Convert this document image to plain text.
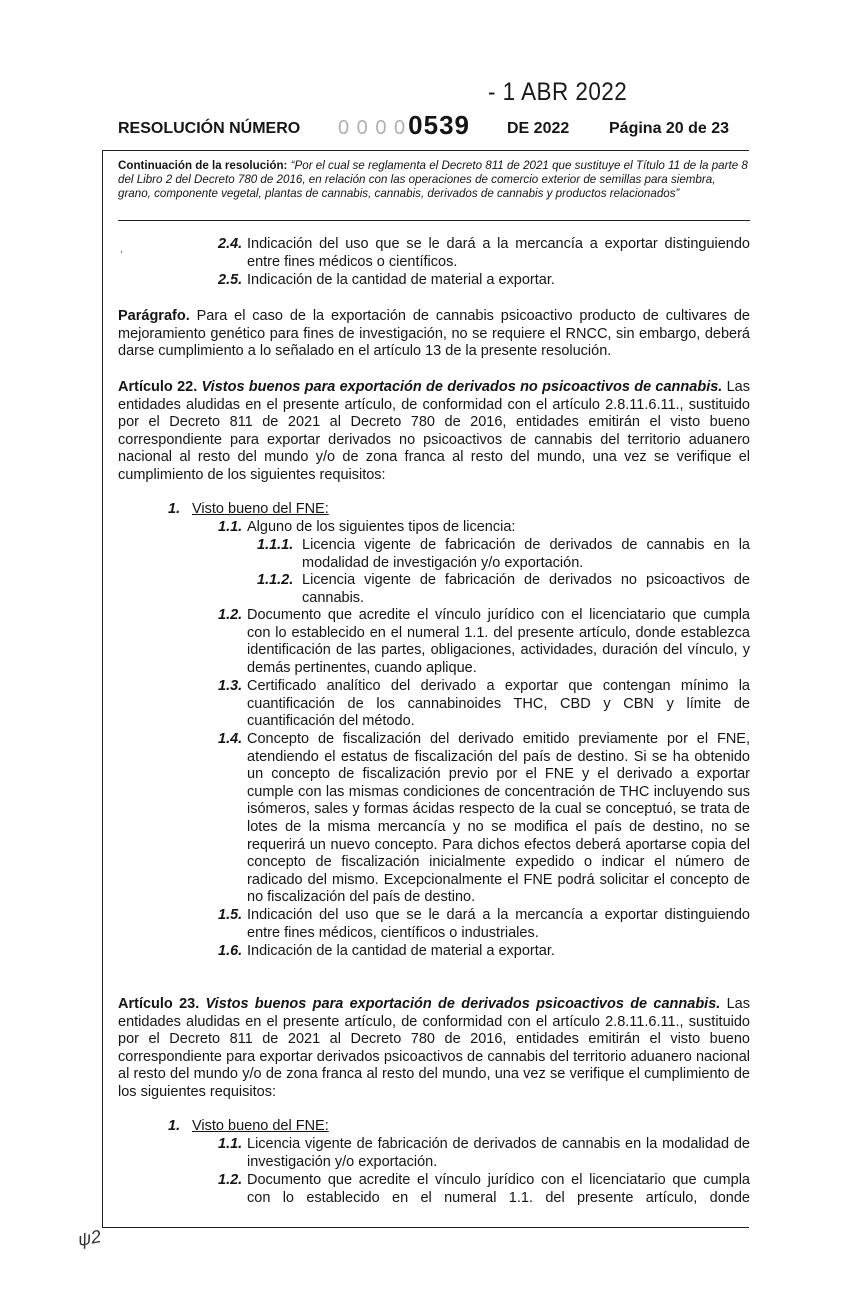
- 1 ABR 2022
RESOLUCIÓN NÚMERO 0 0 0 00539 DE 2022 Página 20 de 23
Continuación de la resolución: “Por el cual se reglamenta el Decreto 811 de 2021 que sustituye el Título 11 de la parte 8 del Libro 2 del Decreto 780 de 2016, en relación con las operaciones de comercio exterior de semillas para siembra, grano, componente vegetal, plantas de cannabis, cannabis, derivados de cannabis y productos relacionados”
,	2.4. Indicación del uso que se le dará a la mercancía a exportar distinguiendo entre fines médicos o científicos.
2.5. Indicación de la cantidad de material a exportar.
Parágrafo. Para el caso de la exportación de cannabis psicoactivo producto de cultivares de mejoramiento genético para fines de investigación, no se requiere el RNCC, sin embargo, deberá darse cumplimiento a lo señalado en el artículo 13 de la presente resolución.
Artículo 22. Vistos buenos para exportación de derivados no psicoactivos de cannabis. Las entidades aludidas en el presente artículo, de conformidad con el artículo 2.8.11.6.11., sustituido por el Decreto 811 de 2021 al Decreto 780 de 2016, entidades emitirán el visto bueno correspondiente para exportar derivados no psicoactivos de cannabis del territorio aduanero nacional al resto del mundo y/o de zona franca al resto del mundo, una vez se verifique el cumplimiento de los siguientes requisitos:
1. Visto bueno del FNE:
1.1. Alguno de los siguientes tipos de licencia:
1.1.1. Licencia vigente de fabricación de derivados de cannabis en la modalidad de investigación y/o exportación.
1.1.2. Licencia vigente de fabricación de derivados no psicoactivos de cannabis.
1.2. Documento que acredite el vínculo jurídico con el licenciatario que cumpla con lo establecido en el numeral 1.1. del presente artículo, donde establezca identificación de las partes, obligaciones, actividades, duración del vínculo, y demás pertinentes, cuando aplique.
1.3. Certificado analítico del derivado a exportar que contengan mínimo la cuantificación de los cannabinoides THC, CBD y CBN y límite de cuantificación del método.
1.4. Concepto de fiscalización del derivado emitido previamente por el FNE, atendiendo el estatus de fiscalización del país de destino. Si se ha obtenido un concepto de fiscalización previo por el FNE y el derivado a exportar cumple con las mismas condiciones de concentración de THC incluyendo sus isómeros, sales y formas ácidas respecto de la cual se conceptuó, se trata de lotes de la misma mercancía y no se modifica el país de destino, no se requerirá un nuevo concepto. Para dichos efectos deberá aportarse copia del concepto de fiscalización inicialmente expedido o indicar el número de radicado del mismo. Excepcionalmente el FNE podrá solicitar el concepto de no fiscalización del país de destino.
1.5. Indicación del uso que se le dará a la mercancía a exportar distinguiendo entre fines médicos, científicos o industriales.
1.6. Indicación de la cantidad de material a exportar.
Artículo 23. Vistos buenos para exportación de derivados psicoactivos de cannabis. Las entidades aludidas en el presente artículo, de conformidad con el artículo 2.8.11.6.11., sustituido por el Decreto 811 de 2021 al Decreto 780 de 2016, entidades emitirán el visto bueno correspondiente para exportar derivados psicoactivos de cannabis del territorio aduanero nacional al resto del mundo y/o de zona franca al resto del mundo, una vez se verifique el cumplimiento de los siguientes requisitos:
1. Visto bueno del FNE:
1.1. Licencia vigente de fabricación de derivados de cannabis en la modalidad de investigación y/o exportación.
1.2. Documento que acredite el vínculo jurídico con el licenciatario que cumpla con lo establecido en el numeral 1.1. del presente artículo, donde
ψ2
